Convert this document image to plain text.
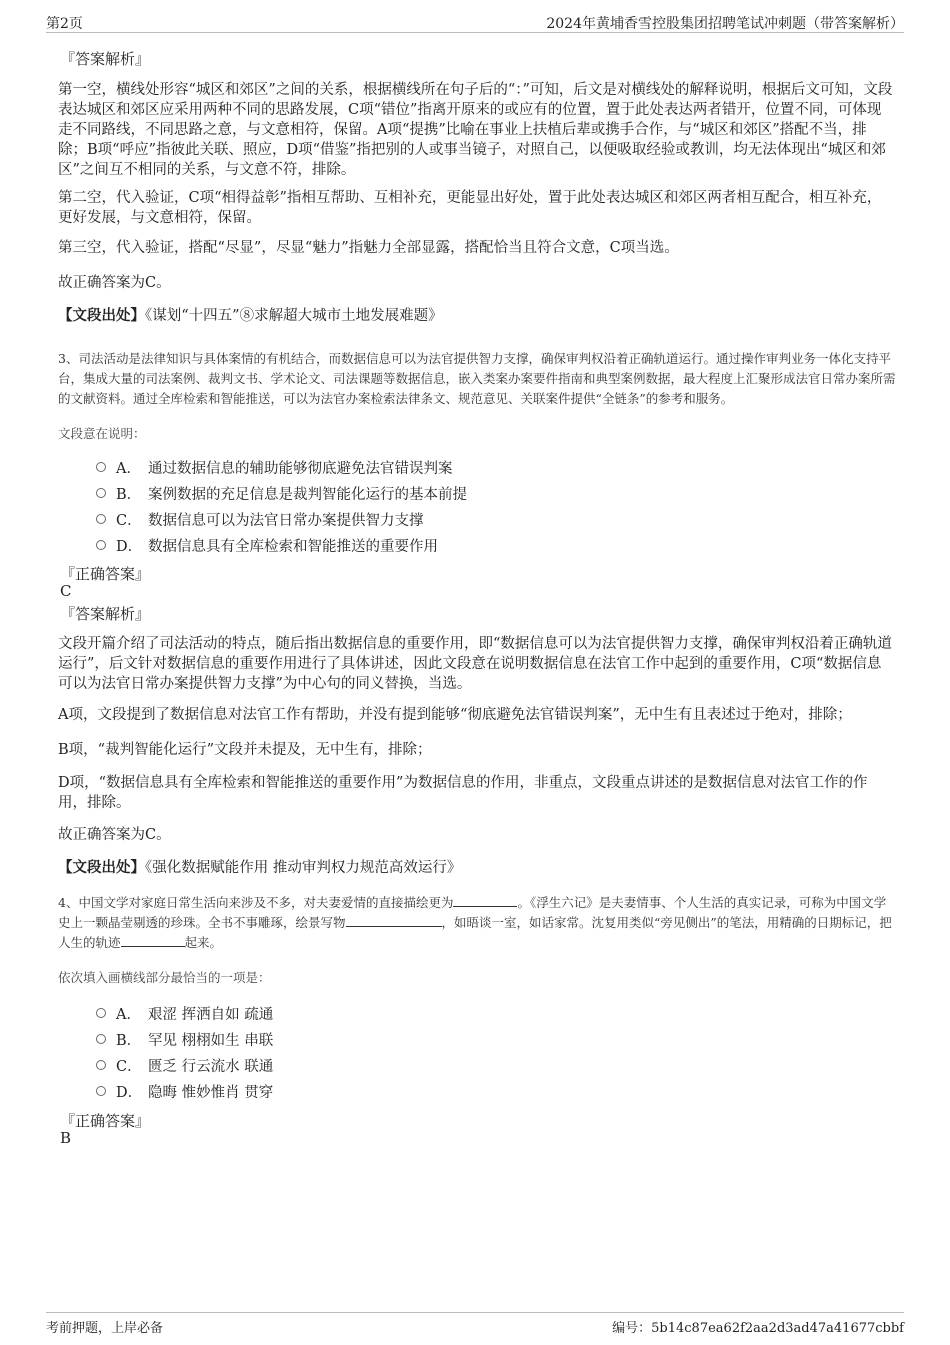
第2页	2024年黄埔香雪控股集团招聘笔试冲刺题（带答案解析）
『答案解析』
第一空，横线处形容“城区和郊区”之间的关系，根据横线所在句子后的“：”可知，后文是对横线处的解释说明，根据后文可知，文段表达城区和郊区应采用两种不同的思路发展，C项“错位”指离开原来的或应有的位置，置于此处表达两者错开，位置不同，可体现走不同路线，不同思路之意，与文意相符，保留。A项“提携”比喻在事业上扶植后辈或携手合作，与“城区和郊区”搭配不当，排除；B项“呼应”指彼此关联、照应，D项“借鉴”指把别的人或事当镜子，对照自己，以便吸取经验或教训，均无法体现出“城区和郊区”之间互不相同的关系，与文意不符，排除。
第二空，代入验证，C项“相得益彰”指相互帮助、互相补充，更能显出好处，置于此处表达城区和郊区两者相互配合，相互补充，更好发展，与文意相符，保留。
第三空，代入验证，搭配“尽显”，尽显“魅力”指魅力全部显露，搭配恰当且符合文意，C项当选。
故正确答案为C。
【文段出处】《谋划“十四五”⑧求解超大城市土地发展难题》
3、司法活动是法律知识与具体案情的有机结合，而数据信息可以为法官提供智力支撑，确保审判权沿着正确轨道运行。通过操作审判业务一体化支持平台，集成大量的司法案例、裁判文书、学术论文、司法课题等数据信息，嵌入类案办案要件指南和典型案例数据，最大程度上汇聚形成法官日常办案所需的文献资料。通过全库检索和智能推送，可以为法官办案检索法律条文、规范意见、关联案件提供“全链条”的参考和服务。
文段意在说明：
A． 通过数据信息的辅助能够彻底避免法官错误判案
B． 案例数据的充足信息是裁判智能化运行的基本前提
C． 数据信息可以为法官日常办案提供智力支撑
D． 数据信息具有全库检索和智能推送的重要作用
『正确答案』
C
『答案解析』
文段开篇介绍了司法活动的特点，随后指出数据信息的重要作用，即“数据信息可以为法官提供智力支撑，确保审判权沿着正确轨道运行”，后文针对数据信息的重要作用进行了具体讲述，因此文段意在说明数据信息在法官工作中起到的重要作用，C项“数据信息可以为法官日常办案提供智力支撑”为中心句的同义替换，当选。
A项，文段提到了数据信息对法官工作有帮助，并没有提到能够“彻底避免法官错误判案”，无中生有且表述过于绝对，排除；
B项，“裁判智能化运行”文段并未提及，无中生有，排除；
D项，“数据信息具有全库检索和智能推送的重要作用”为数据信息的作用，非重点，文段重点讲述的是数据信息对法官工作的作用，排除。
故正确答案为C。
【文段出处】《强化数据赋能作用 推动审判权力规范高效运行》
4、中国文学对家庭日常生活向来涉及不多，对夫妻爱情的直接描绘更为	。《浮生六记》是夫妻情事、个人生活的真实记录，可称为中国文学史上一颗晶莹剔透的珍珠。全书不事雕琢，绘景写物	，如晤谈一室，如话家常。沈复用类似“旁见侧出”的笔法，用精确的日期标记，把人生的轨迹	起来。
依次填入画横线部分最恰当的一项是：
A． 艰涩 挥洒自如 疏通
B． 罕见 栩栩如生 串联
C． 匮乏 行云流水 联通
D． 隐晦 惟妙惟肖 贯穿
『正确答案』
B
考前押题，上岸必备	编号：5b14c87ea62f2aa2d3ad47a41677cbbf
